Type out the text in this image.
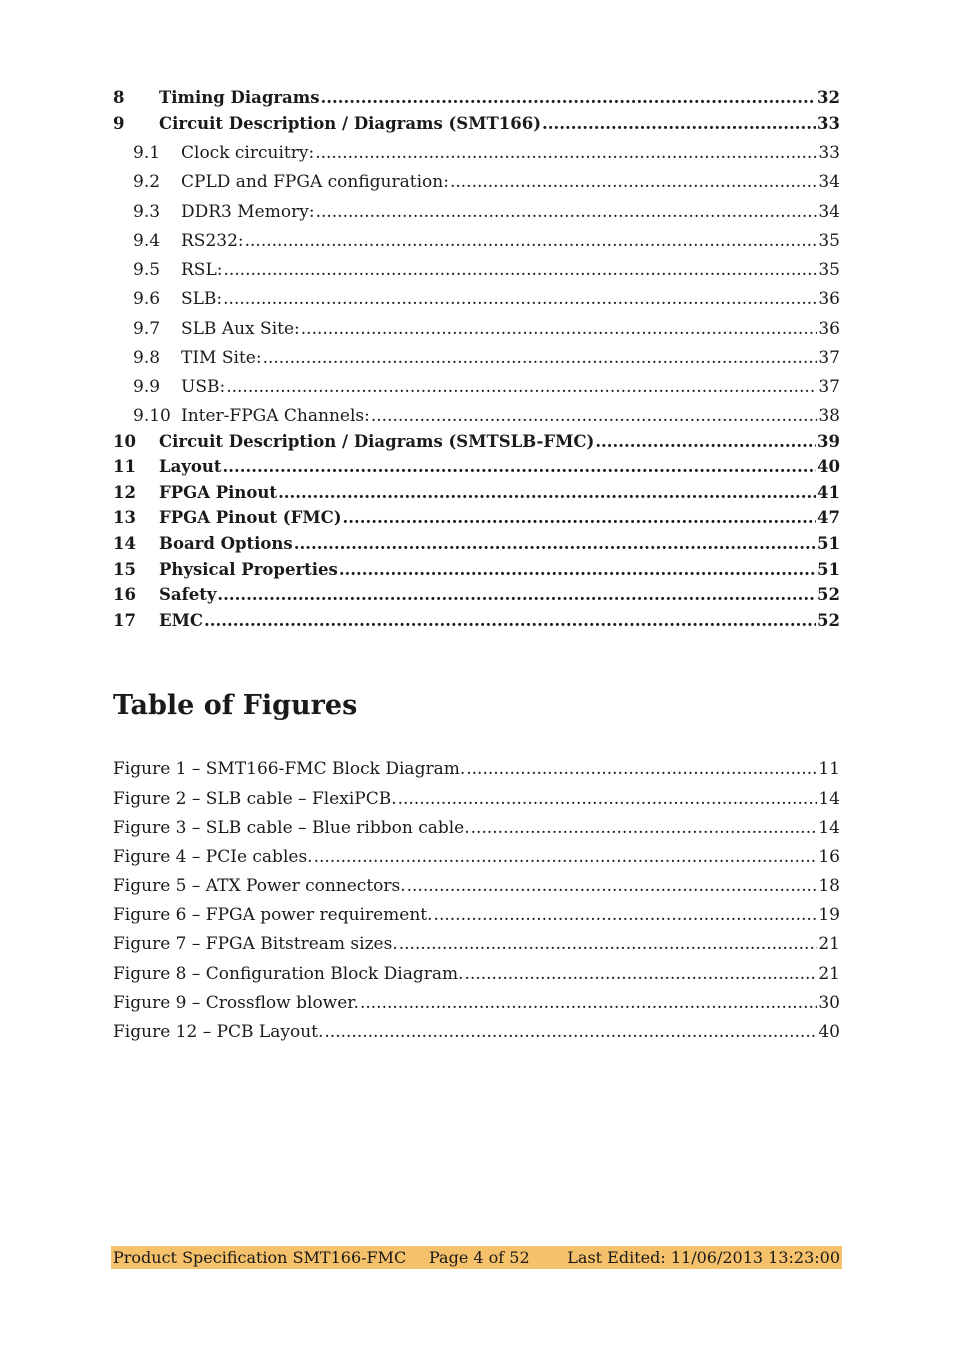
8	Timing Diagrams .....	32
9	Circuit Description / Diagrams (SMT166) .....	33
9.1	Clock circuitry: .....	33
9.2	CPLD and FPGA configuration: .....	34
9.3	DDR3 Memory: .....	34
9.4	RS232: .....	35
9.5	RSL: .....	35
9.6	SLB: .....	36
9.7	SLB Aux Site: .....	36
9.8	TIM Site: .....	37
9.9	USB: .....	37
9.10 Inter-FPGA Channels: .....	38
10	Circuit Description / Diagrams (SMTSLB-FMC) .....	39
11	Layout .....	40
12	FPGA Pinout .....	41
13	FPGA Pinout (FMC) .....	47
14	Board Options .....	51
15	Physical Properties .....	51
16	Safety .....	52
17	EMC .....	52
Table of Figures
Figure 1 – SMT166-FMC Block Diagram. .....	11
Figure 2 – SLB cable – FlexiPCB. .....	14
Figure 3 – SLB cable – Blue ribbon cable. .....	14
Figure 4 – PCIe cables. .....	16
Figure 5 – ATX Power connectors. .....	18
Figure 6 – FPGA power requirement. .....	19
Figure 7 – FPGA Bitstream sizes. .....	21
Figure 8 – Configuration Block Diagram. .....	21
Figure 9 – Crossflow blower. .....	30
Figure 12 – PCB Layout. .....	40
Product Specification SMT166-FMC Page 4 of 52 Last Edited: 11/06/2013 13:23:00
